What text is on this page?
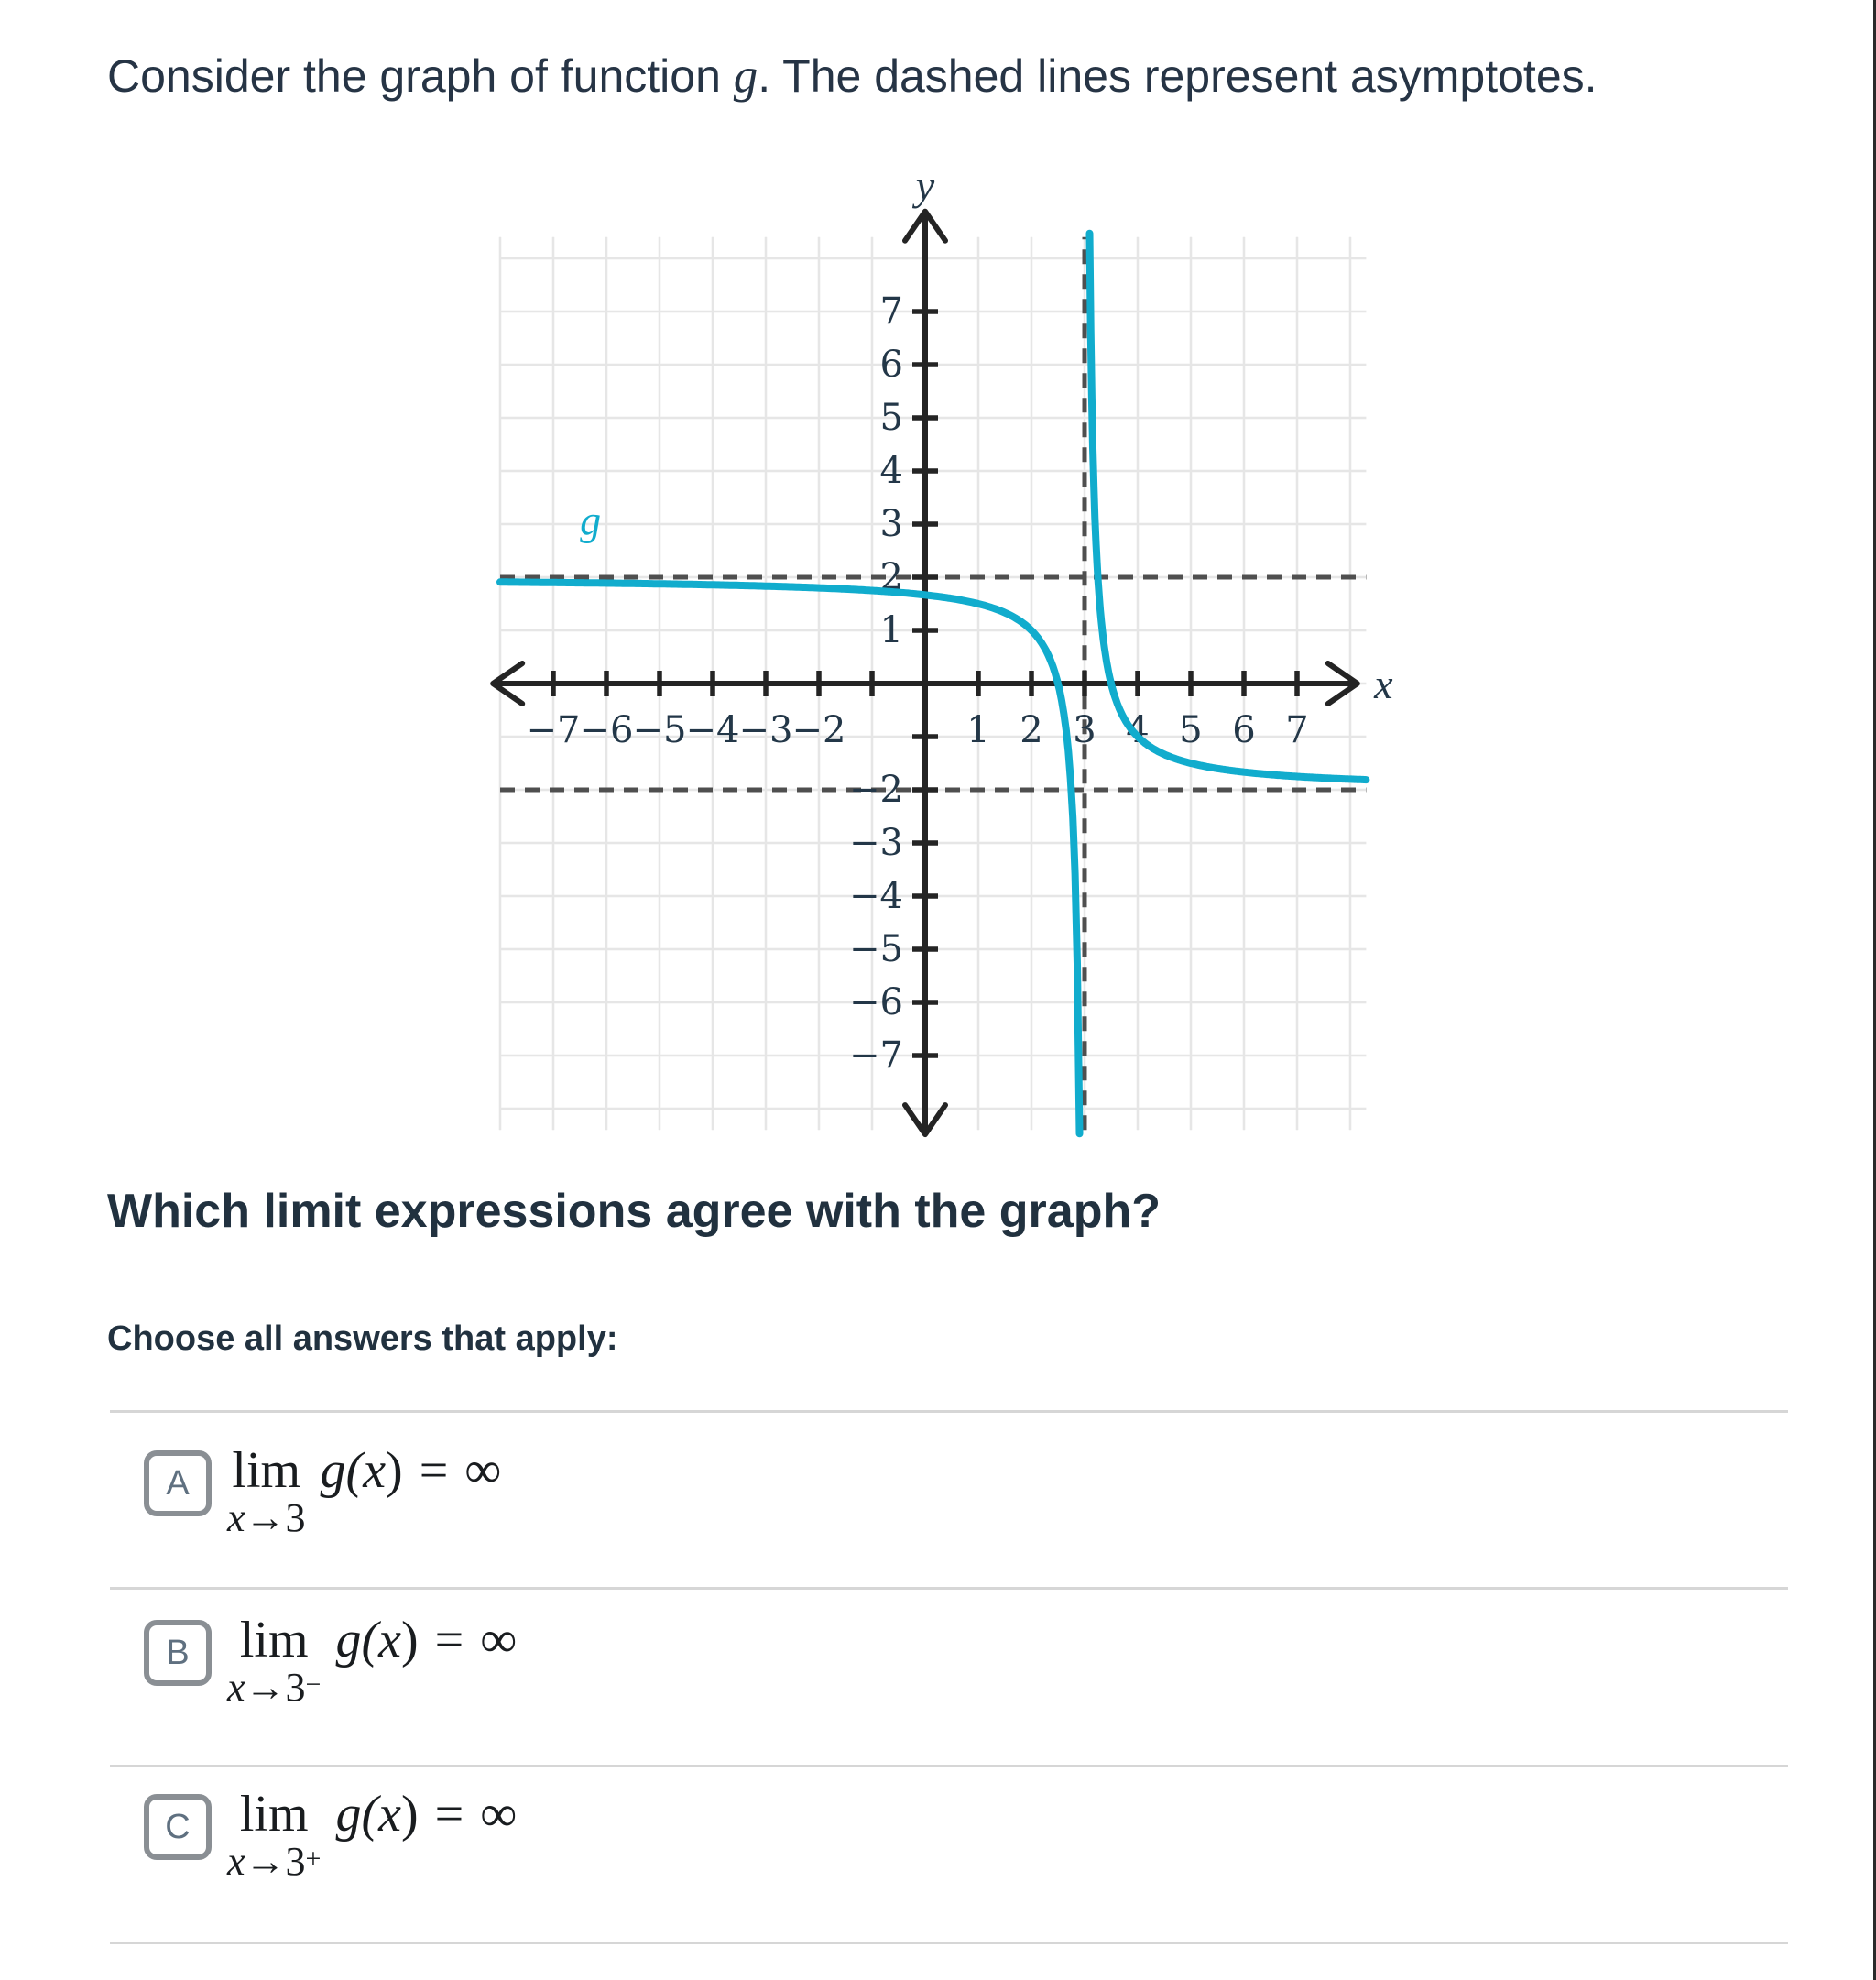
Consider the graph of function g. The dashed lines represent asymptotes.
−7 −6 −5 −4 −3 −2	1 2 3 4 5 6 7
−7
−6
−5
−4
−3
−2
1
2
3
4
5
6
7
g
x
y
Which limit expressions agree with the graph?
Choose all answers that apply:
A lim
x→3
g(x) = ∞
B lim
x→3−
g(x) = ∞
C lim
x→3+
g(x) = ∞
